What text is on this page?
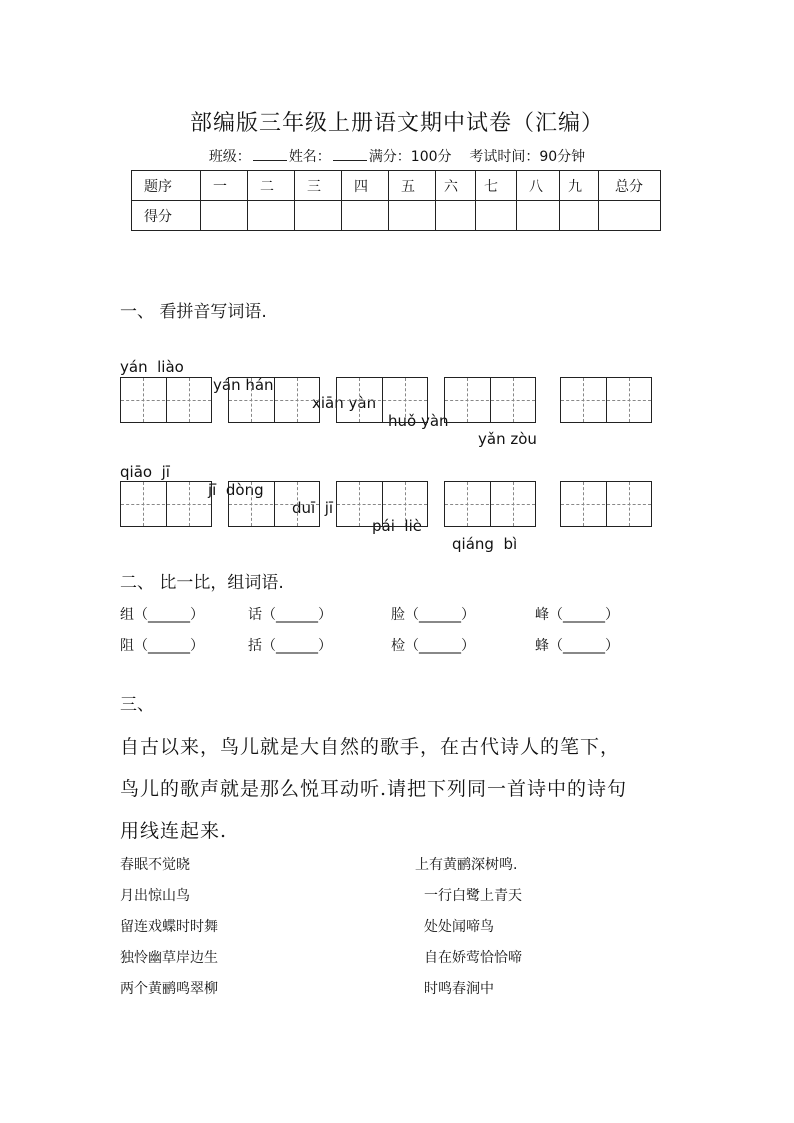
部编版三年级上册语文期中试卷（汇编）
班级：	姓名：	满分：100分 考试时间：90分钟
题序	一	二	三	四	五	六	七	八	九	总分
得分										
一、 看拼音写词语.

yán  liào

yán hán

xiān yàn

huǒ yàn

yǎn zòu

qiāo  jī

jī  dòng

duī  jī

pái  liè

qiáng  bì

二、 比一比，组词语.
组（______）	话（______）	脸（______）	峰（______）
阻（______）	括（______）	检（______）	蜂（______）
三、
自古以来，鸟儿就是大自然的歌手，在古代诗人的笔下，
鸟儿的歌声就是那么悦耳动听.请把下列同一首诗中的诗句
用线连起来.
春眠不觉晓
月出惊山鸟
留连戏蝶时时舞
独怜幽草岸边生
两个黄鹂鸣翠柳
上有黄鹂深树鸣.
一行白鹭上青天
处处闻啼鸟
自在娇莺恰恰啼
时鸣春涧中
